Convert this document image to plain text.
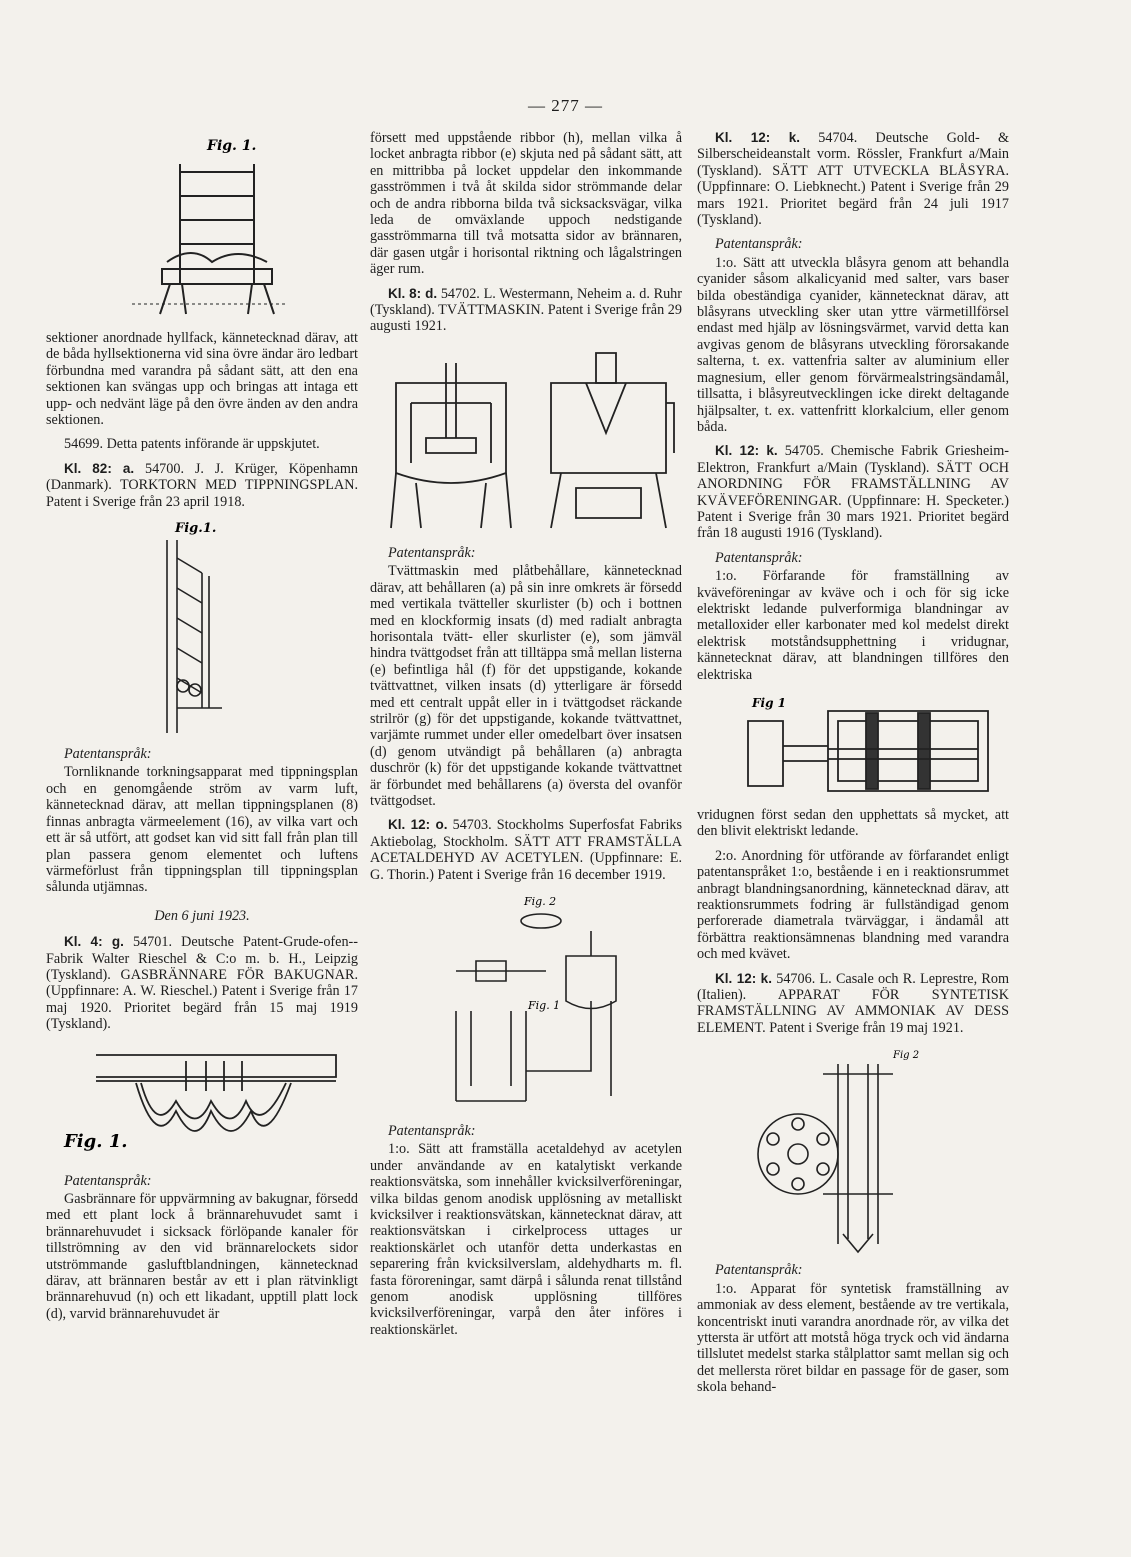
— 277 —
Fig. 1.

sektioner anordnade hyllfack, kännetecknad därav, att de båda hyllsektionerna vid sina övre ändar äro ledbart förbundna med varandra på sådant sätt, att den ena sektionen kan svängas upp och bringas att intaga ett upp- och nedvänt läge på den övre änden av den andra sektionen.

54699. Detta patents införande är uppskjutet.

Kl. 82: a. 54700. J. J. Krüger, Köpenhamn (Danmark). TORKTORN MED TIPPNINGSPLAN. Patent i Sverige från 23 april 1918.

Fig.1.

Patentanspråk:

Tornliknande torkningsapparat med tippningsplan och en genomgående ström av varm luft, kännetecknad därav, att mellan tippningsplanen (8) finnas anbragta värmeelement (16), av vilka vart och ett är så utfört, att godset kan vid sitt fall från plan till plan passera genom elementet och luftens värmeförlust från tippningsplan till tippningsplan sålunda utjämnas.

Den 6 juni 1923.

Kl. 4: g. 54701. Deutsche Patent-Grude-ofen--Fabrik Walter Rieschel & C:o m. b. H., Leipzig (Tyskland). GASBRÄNNARE FÖR BAKUGNAR. (Uppfinnare: A. W. Rieschel.) Patent i Sverige från 17 maj 1920. Prioritet begärd från 15 maj 1919 (Tyskland).

Fig. 1.

Patentanspråk:

Gasbrännare för uppvärmning av bakugnar, försedd med ett plant lock å brännarehuvudet samt i brännarehuvudet i sicksack förlöpande kanaler för tillströmning av den vid brännarelockets sidor utströmmande gasluftblandningen, kännetecknad därav, att brännaren består av ett i plan rätvinkligt brännarehuvud (n) och ett likadant, upptill platt lock (d), varvid brännarehuvudet är

försett med uppstående ribbor (h), mellan vilka å locket anbragta ribbor (e) skjuta ned på sådant sätt, att en mittribba på locket uppdelar den inkommande gasströmmen i två åt skilda sidor strömmande delar och de andra ribborna bilda två sicksacksvägar, vilka leda de omväxlande uppoch nedstigande gasströmmarna till två motsatta sidor av brännaren, där gasen utgår i horisontal riktning och lågalstringen äger rum.

Kl. 8: d. 54702. L. Westermann, Neheim a. d. Ruhr (Tyskland). TVÄTTMASKIN. Patent i Sverige från 29 augusti 1921.

Patentanspråk:

Tvättmaskin med plåtbehållare, kännetecknad därav, att behållaren (a) på sin inre omkrets är försedd med vertikala tvätteller skurlister (b) och i bottnen med en klockformig insats (d) med radialt anbragta horisontala tvätt- eller skurlister (e), som jämväl hindra tvättgodset från att tilltäppa små mellan listerna (e) befintliga hål (f) för det uppstigande, kokande tvättvattnet, vilken insats (d) ytterligare är försedd med ett centralt uppåt eller in i tvättgodset räckande strilrör (g) för det uppstigande, kokande tvättvattnet, varjämte rummet under eller omedelbart över insatsen (d) genom utvändigt på behållaren (a) anbragta duschrör (k) för det uppstigande kokande tvättvattnet är förbundet med behållarens (a) översta del ovanför tvättgodset.

Kl. 12: o. 54703. Stockholms Superfosfat Fabriks Aktiebolag, Stockholm. SÄTT ATT FRAMSTÄLLA ACETALDEHYD AV ACETYLEN. (Uppfinnare: E. G. Thorin.) Patent i Sverige från 16 december 1919.

Fig. 2
Fig. 1

Patentanspråk:

1:o. Sätt att framställa acetaldehyd av acetylen under användande av en katalytiskt verkande reaktionsvätska, som innehåller kvicksilverföreningar, vilka bildas genom anodisk upplösning av metalliskt kvicksilver i reaktionsvätskan, kännetecknat därav, att reaktionsvätskan i cirkelprocess uttages ur reaktionskärlet och utanför detta underkastas en separering från kvicksilverslam, aldehydharts m. fl. fasta föroreningar, samt därpå i sålunda renat tillstånd genom anodisk upplösning tillföres kvicksilverföreningar, varpå den åter införes i reaktionskärlet.

Kl. 12: k. 54704. Deutsche Gold- & Silberscheideanstalt vorm. Rössler, Frankfurt a/Main (Tyskland). SÄTT ATT UTVECKLA BLÅSYRA. (Uppfinnare: O. Liebknecht.) Patent i Sverige från 29 mars 1921. Prioritet begärd från 24 juli 1917 (Tyskland).

Patentanspråk:

1:o. Sätt att utveckla blåsyra genom att behandla cyanider såsom alkalicyanid med salter, vars baser bilda obeständiga cyanider, kännetecknat därav, att blåsyrans utveckling sker utan yttre värmetillförsel endast med hjälp av lösningsvärmet, varvid detta kan avgivas genom de blåsyrans utveckling förorsakande salterna, t. ex. vattenfria salter av aluminium eller magnesium, eller genom förvärmealstringsändamål, tillsatta, i blåsyreutvecklingen icke direkt deltagande hjälpsalter, t. ex. vattenfritt klorkalcium, eller genom båda.

Kl. 12: k. 54705. Chemische Fabrik Griesheim-Elektron, Frankfurt a/Main (Tyskland). SÄTT OCH ANORDNING FÖR FRAMSTÄLLNING AV KVÄVEFÖRENINGAR. (Uppfinnare: H. Specketer.) Patent i Sverige från 30 mars 1921. Prioritet begärd från 18 augusti 1916 (Tyskland).

Patentanspråk:

1:o. Förfarande för framställning av kväveföreningar av kväve och i och för sig icke elektriskt ledande pulverformiga blandningar av metalloxider eller karbonater med kol medelst direkt elektrisk motståndsupphettning i vridugnar, kännetecknat därav, att blandningen tillföres den elektriska

Fig 1

vridugnen först sedan den upphettats så mycket, att den blivit elektriskt ledande.

2:o. Anordning för utförande av förfarandet enligt patentanspråket 1:o, bestående i en i reaktionsrummet anbragt blandningsanordning, kännetecknad därav, att reaktionsrummets fodring är fullständigad genom perforerade diametrala tvärväggar, i ändamål att förbättra reaktionsämnenas blandning med varandra och med kvävet.

Kl. 12: k. 54706. L. Casale och R. Leprestre, Rom (Italien). APPARAT FÖR SYNTETISK FRAMSTÄLLNING AV AMMONIAK AV DESS ELEMENT. Patent i Sverige från 19 maj 1921.

Fig 2

Patentanspråk:

1:o. Apparat för syntetisk framställning av ammoniak av dess element, bestående av tre vertikala, koncentriskt inuti varandra anordnade rör, av vilka det yttersta är utfört att motstå höga tryck och vid ändarna tillslutet medelst starka stålplattor samt mellan sig och det mellersta röret bildar en passage för de gaser, som skola behand-
